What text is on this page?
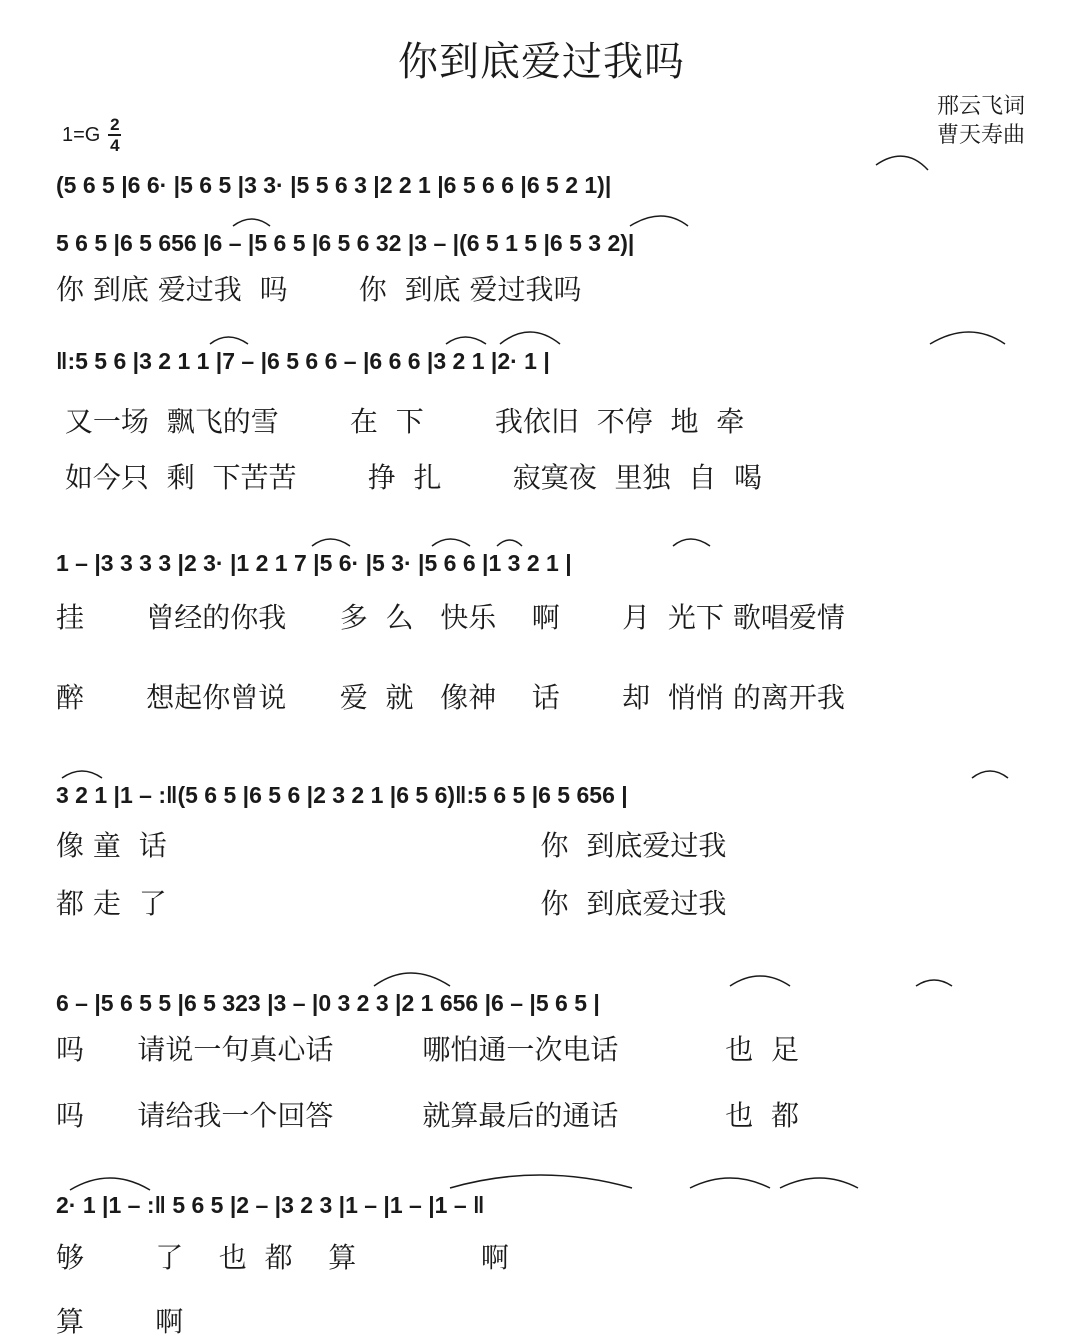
你到底爱过我吗
邢云飞词
曹天寿曲
1=G 2
4
(5 6 5 |6 6· |5 6 5 |3 3· |5 5 6 3 |2 2 1 |6 5 6 6 |6 5 2 1)|
5 6 5 |6 5 656 |6 – |5 6 5 |6 5 6 32 |3 – |(6 5 1 5 |6 5 3 2)|
你 到底 爱过我  吗        你  到底 爱过我吗
‖:5 5 6 |3 2 1 1 |7 – |6 5 6 6 – |6 6 6 |3 2 1 |2· 1 |
又一场  飘飞的雪        在  下        我依旧  不停  地  牵
如今只  剩  下苦苦        挣  扎        寂寞夜  里独  自  喝
1 – |3 3 3 3 |2 3· |1 2 1 7 |5 6· |5 3· |5 6 6 |1 3 2 1 |
挂       曾经的你我      多  么   快乐    啊       月  光下 歌唱爱情
醉       想起你曾说      爱  就   像神    话       却  悄悄 的离开我
3 2 1 |1 – :‖(5 6 5 |6 5 6 |2 3 2 1 |6 5 6)‖:5 6 5 |6 5 656 |
像 童  话                                          你  到底爱过我
都 走  了                                          你  到底爱过我
6 – |5 6 5 5 |6 5 323 |3 – |0 3 2 3 |2 1 656 |6 – |5 6 5 |
吗      请说一句真心话          哪怕通一次电话            也  足
吗      请给我一个回答          就算最后的通话            也  都
2· 1 |1 – :‖ 5 6 5 |2 – |3 2 3 |1 – |1 – |1 – ‖
够        了    也  都    算              啊
算        啊
